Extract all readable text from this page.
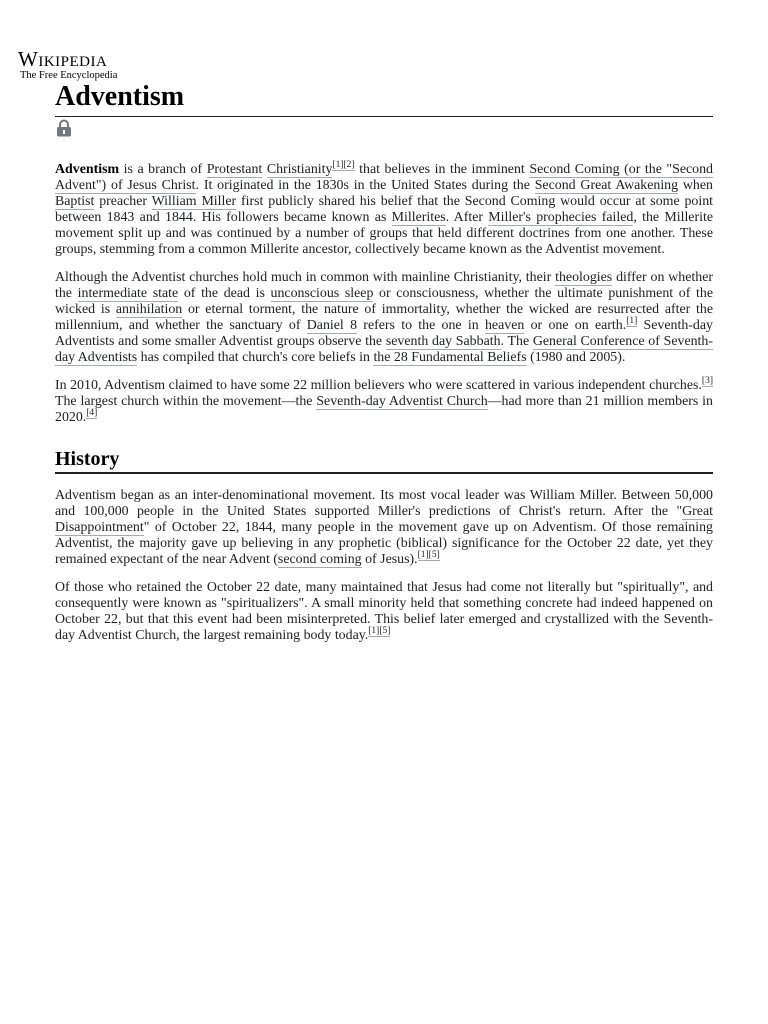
Wikipedia
The Free Encyclopedia
Adventism

Adventism is a branch of Protestant Christianity[1][2] that believes in the imminent Second Coming (or the "Second Advent") of Jesus Christ. It originated in the 1830s in the United States during the Second Great Awakening when Baptist preacher William Miller first publicly shared his belief that the Second Coming would occur at some point between 1843 and 1844. His followers became known as Millerites. After Miller's prophecies failed, the Millerite movement split up and was continued by a number of groups that held different doctrines from one another. These groups, stemming from a common Millerite ancestor, collectively became known as the Adventist movement.

Although the Adventist churches hold much in common with mainline Christianity, their theologies differ on whether the intermediate state of the dead is unconscious sleep or consciousness, whether the ultimate punishment of the wicked is annihilation or eternal torment, the nature of immortality, whether the wicked are resurrected after the millennium, and whether the sanctuary of Daniel 8 refers to the one in heaven or one on earth.[1] Seventh-day Adventists and some smaller Adventist groups observe the seventh day Sabbath. The General Conference of Seventh-day Adventists has compiled that church's core beliefs in the 28 Fundamental Beliefs (1980 and 2005).

In 2010, Adventism claimed to have some 22 million believers who were scattered in various independent churches.[3] The largest church within the movement—the Seventh-day Adventist Church—had more than 21 million members in 2020.[4]

History

Adventism began as an inter-denominational movement. Its most vocal leader was William Miller. Between 50,000 and 100,000 people in the United States supported Miller's predictions of Christ's return. After the "Great Disappointment" of October 22, 1844, many people in the movement gave up on Adventism. Of those remaining Adventist, the majority gave up believing in any prophetic (biblical) significance for the October 22 date, yet they remained expectant of the near Advent (second coming of Jesus).[1][5]

Of those who retained the October 22 date, many maintained that Jesus had come not literally but "spiritually", and consequently were known as "spiritualizers". A small minority held that something concrete had indeed happened on October 22, but that this event had been misinterpreted. This belief later emerged and crystallized with the Seventh-day Adventist Church, the largest remaining body today.[1][5]
